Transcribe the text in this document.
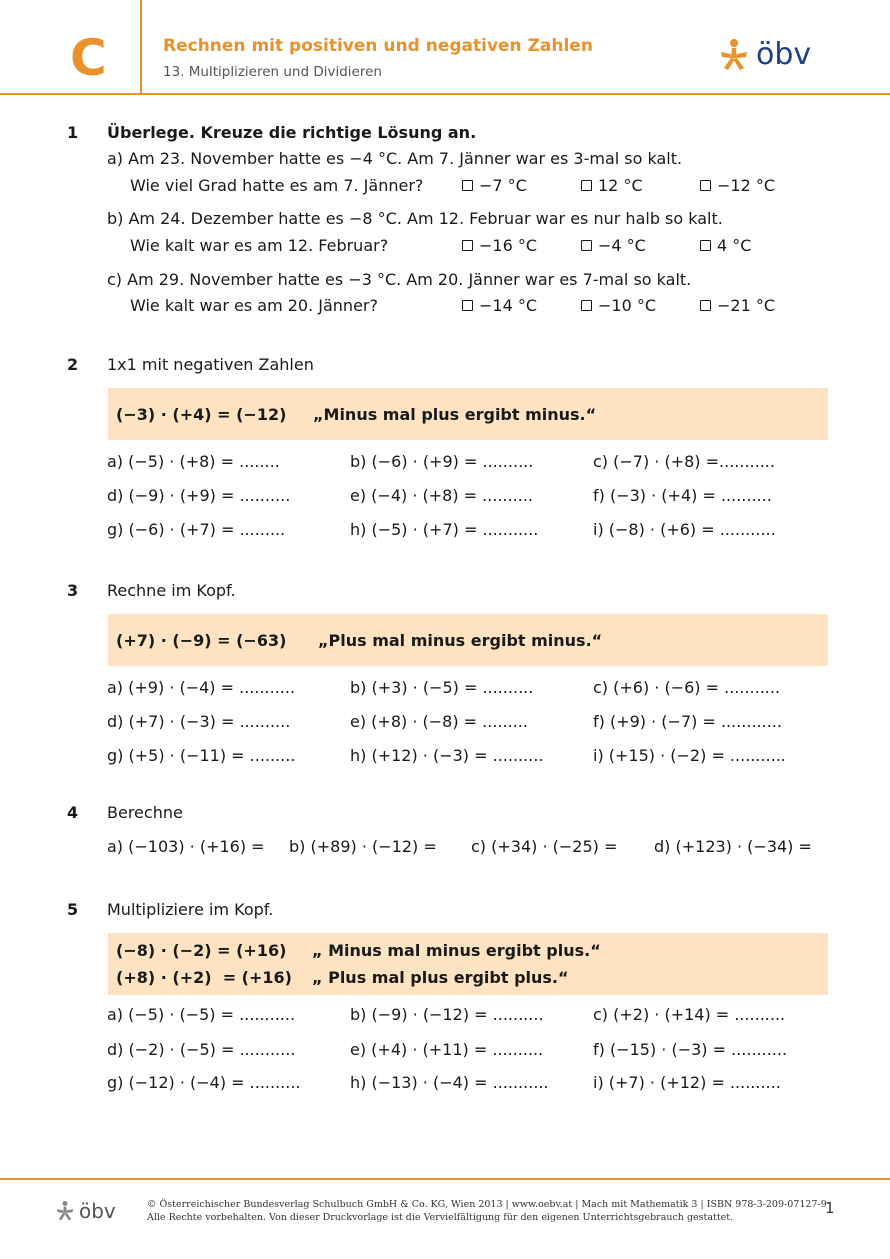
C	Rechnen mit positiven und negativen Zahlen
13. Multiplizieren und Dividieren	öbv
1 Überlege. Kreuze die richtige Lösung an.
a) Am 23. November hatte es −4 °C. Am 7. Jänner war es 3-mal so kalt.
Wie viel Grad hatte es am 7. Jänner?	−7 °C	12 °C	−12 °C
b) Am 24. Dezember hatte es −8 °C. Am 12. Februar war es nur halb so kalt.
Wie kalt war es am 12. Februar?	−16 °C	−4 °C	4 °C
c) Am 29. November hatte es −3 °C. Am 20. Jänner war es 7-mal so kalt.
Wie kalt war es am 20. Jänner?	−14 °C	−10 °C	−21 °C
2 1x1 mit negativen Zahlen
(−3) · (+4) = (−12) „Minus mal plus ergibt minus.“
a) (−5) · (+8) = ........	b) (−6) · (+9) = ..........	c) (−7) · (+8) =...........
d) (−9) · (+9) = ..........	e) (−4) · (+8) = ..........	f) (−3) · (+4) = ..........
g) (−6) · (+7) = .........	h) (−5) · (+7) = ...........	i) (−8) · (+6) = ...........
3 Rechne im Kopf.
(+7) · (−9) = (−63) „Plus mal minus ergibt minus.“
a) (+9) · (−4) = ...........	b) (+3) · (−5) = ..........	c) (+6) · (−6) = ...........
d) (+7) · (−3) = ..........	e) (+8) · (−8) = .........	f) (+9) · (−7) = ............
g) (+5) · (−11) = .........	h) (+12) · (−3) = ..........	i) (+15) · (−2) = ...........
4 Berechne
a) (−103) · (+16) = b) (+89) · (−12) = c) (+34) · (−25) = d) (+123) · (−34) =
5 Multipliziere im Kopf.
(−8) · (−2) = (+16) „ Minus mal minus ergibt plus.“
(+8) · (+2)  = (+16) „ Plus mal plus ergibt plus.“
a) (−5) · (−5) = ...........	b) (−9) · (−12) = ..........	c) (+2) · (+14) = ..........
d) (−2) · (−5) = ...........	e) (+4) · (+11) = ..........	f) (−15) · (−3) = ...........
g) (−12) · (−4) = ..........	h) (−13) · (−4) = ...........	i) (+7) · (+12) = ..........
öbv	© Österreichischer Bundesverlag Schulbuch GmbH & Co. KG, Wien 2013 | www.oebv.at | Mach mit Mathematik 3 | ISBN 978-3-209-07127-9
Alle Rechte vorbehalten. Von dieser Druckvorlage ist die Vervielfältigung für den eigenen Unterrichtsgebrauch gestattet.
1
